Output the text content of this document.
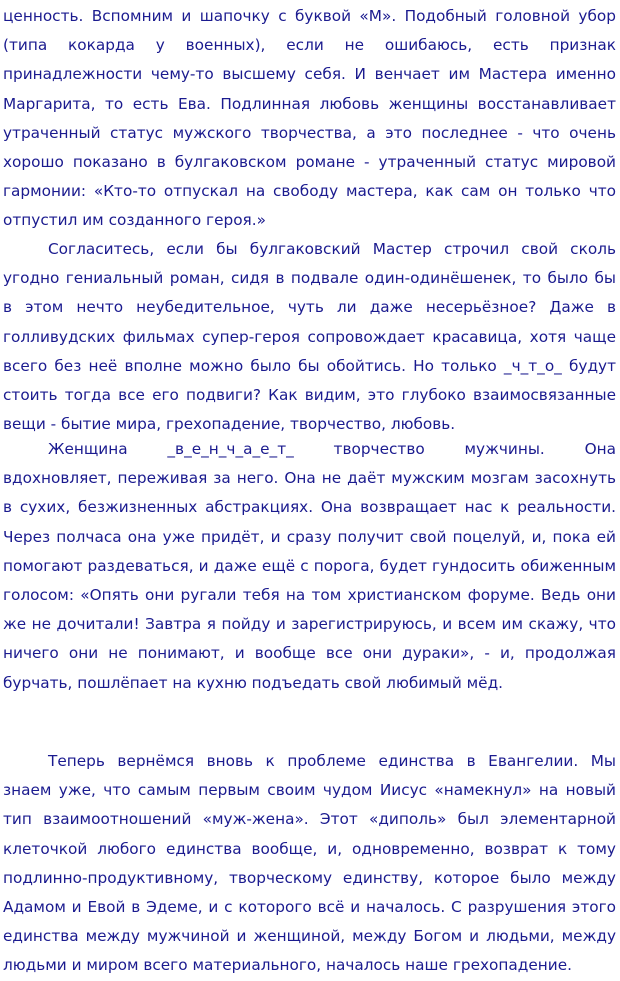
ценность. Вспомним и шапочку с буквой «М». Подобный головной убор
(типа кокарда у военных), если не ошибаюсь, есть признак
принадлежности чему-то высшему себя. И венчает им Мастера именно
Маргарита, то есть Ева. Подлинная любовь женщины восстанавливает
утраченный статус мужского творчества, а это последнее - что очень
хорошо показано в булгаковском романе - утраченный статус мировой
гармонии: «Кто-то отпускал на свободу мастера, как сам он только что
отпустил им созданного героя.»
Согласитесь, если бы булгаковский Мастер строчил свой сколь
угодно гениальный роман, сидя в подвале один-одинёшенек, то было бы
в этом нечто неубедительное, чуть ли даже несерьёзное? Даже в
голливудских фильмах супер-героя сопровождает красавица, хотя чаще
всего без неё вполне можно было бы обойтись. Но только _ч_т_о_ будут
стоить тогда все его подвиги? Как видим, это глубоко взаимосвязанные
вещи - бытие мира, грехопадение, творчество, любовь.
Женщина _в_е_н_ч_а_е_т_ творчество мужчины. Она
вдохновляет, переживая за него. Она не даёт мужским мозгам засохнуть
в сухих, безжизненных абстракциях. Она возвращает нас к реальности.
Через полчаса она уже придёт, и сразу получит свой поцелуй, и, пока ей
помогают раздеваться, и даже ещё с порога, будет гундосить обиженным
голосом: «Опять они ругали тебя на том христианском форуме. Ведь они
же не дочитали! Завтра я пойду и зарегистрируюсь, и всем им скажу, что
ничего они не понимают, и вообще все они дураки», - и, продолжая
бурчать, пошлёпает на кухню подъедать свой любимый мёд.
Теперь вернёмся вновь к проблеме единства в Евангелии. Мы
знаем уже, что самым первым своим чудом Иисус «намекнул» на новый
тип взаимоотношений «муж-жена». Этот «диполь» был элементарной
клеточкой любого единства вообще, и, одновременно, возврат к тому
подлинно-продуктивному, творческому единству, которое было между
Адамом и Евой в Эдеме, и с которого всё и началось. С разрушения этого
единства между мужчиной и женщиной, между Богом и людьми, между
людьми и миром всего материального, началось наше грехопадение.
